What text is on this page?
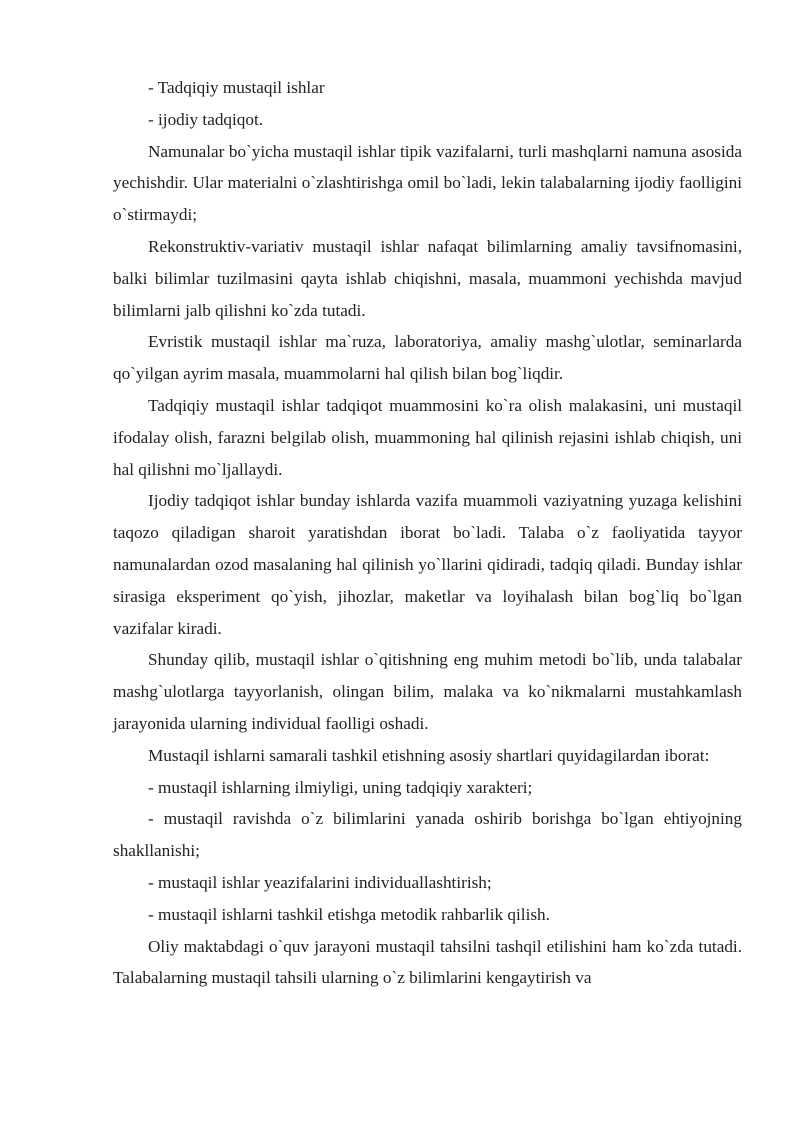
- Tadqiqiy mustaqil ishlar

- ijodiy tadqiqot.

Namunalar bo`yicha mustaqil ishlar tipik vazifalarni, turli mashqlarni namuna asosida yechishdir. Ular materialni o`zlashtirishga omil bo`ladi, lekin talabalarning ijodiy faolligini o`stirmaydi;

Rekonstruktiv-variativ mustaqil ishlar nafaqat bilimlarning amaliy tavsifnomasini, balki bilimlar tuzilmasini qayta ishlab chiqishni, masala, muammoni yechishda mavjud bilimlarni jalb qilishni ko`zda tutadi.

Evristik mustaqil ishlar ma`ruza, laboratoriya, amaliy mashg`ulotlar, seminarlarda qo`yilgan ayrim masala, muammolarni hal qilish bilan bog`liqdir.

Tadqiqiy mustaqil ishlar tadqiqot muammosini ko`ra olish malakasini, uni mustaqil ifodalay olish, farazni belgilab olish, muammoning hal qilinish rejasini ishlab chiqish, uni hal qilishni mo`ljallaydi.

Ijodiy tadqiqot ishlar bunday ishlarda vazifa muammoli vaziyatning yuzaga kelishini taqozo qiladigan sharoit yaratishdan iborat bo`ladi. Talaba o`z faoliyatida tayyor namunalardan ozod masalaning hal qilinish yo`llarini qidiradi, tadqiq qiladi. Bunday ishlar sirasiga eksperiment qo`yish, jihozlar, maketlar va loyihalash bilan bog`liq bo`lgan vazifalar kiradi.

Shunday qilib, mustaqil ishlar o`qitishning eng muhim metodi bo`lib, unda talabalar mashg`ulotlarga tayyorlanish, olingan bilim, malaka va ko`nikmalarni mustahkamlash jarayonida ularning individual faolligi oshadi.

Mustaqil ishlarni samarali tashkil etishning asosiy shartlari quyidagilardan iborat:

- mustaqil ishlarning ilmiyligi, uning tadqiqiy xarakteri;

- mustaqil ravishda o`z bilimlarini yanada oshirib borishga bo`lgan ehtiyojning shakllanishi;

- mustaqil ishlar yeazifalarini individuallashtirish;

- mustaqil ishlarni tashkil etishga metodik rahbarlik qilish.

Oliy maktabdagi o`quv jarayoni mustaqil tahsilni tashqil etilishini ham ko`zda tutadi. Talabalarning mustaqil tahsili ularning o`z bilimlarini kengaytirish va
